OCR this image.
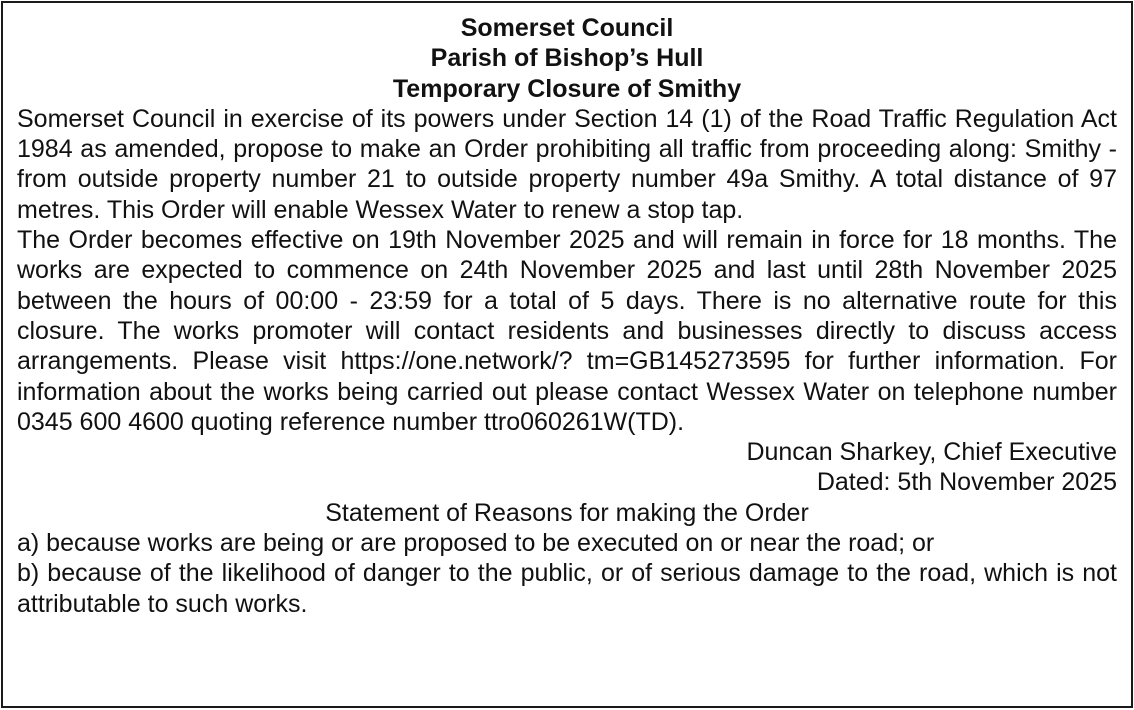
Somerset Council
Parish of Bishop’s Hull
Temporary Closure of Smithy

Somerset Council in exercise of its powers under Section 14 (1) of the Road Traffic Regulation Act 1984 as amended, propose to make an Order prohibiting all traffic from proceeding along: Smithy - from outside property number 21 to outside property number 49a Smithy. A total distance of 97 metres. This Order will enable Wessex Water to renew a stop tap.

The Order becomes effective on 19th November 2025 and will remain in force for 18 months. The works are expected to commence on 24th November 2025 and last until 28th November 2025 between the hours of 00:00 - 23:59 for a total of 5 days. There is no alternative route for this closure. The works promoter will contact residents and businesses directly to discuss access arrangements. Please visit https://one.network/? tm=GB145273595 for further information. For information about the works being carried out please contact Wessex Water on telephone number 0345 600 4600 quoting reference number ttro060261W(TD).

Duncan Sharkey, Chief Executive
Dated: 5th November 2025
Statement of Reasons for making the Order
a) because works are being or are proposed to be executed on or near the road; or
b) because of the likelihood of danger to the public, or of serious damage to the road, which is not attributable to such works.
